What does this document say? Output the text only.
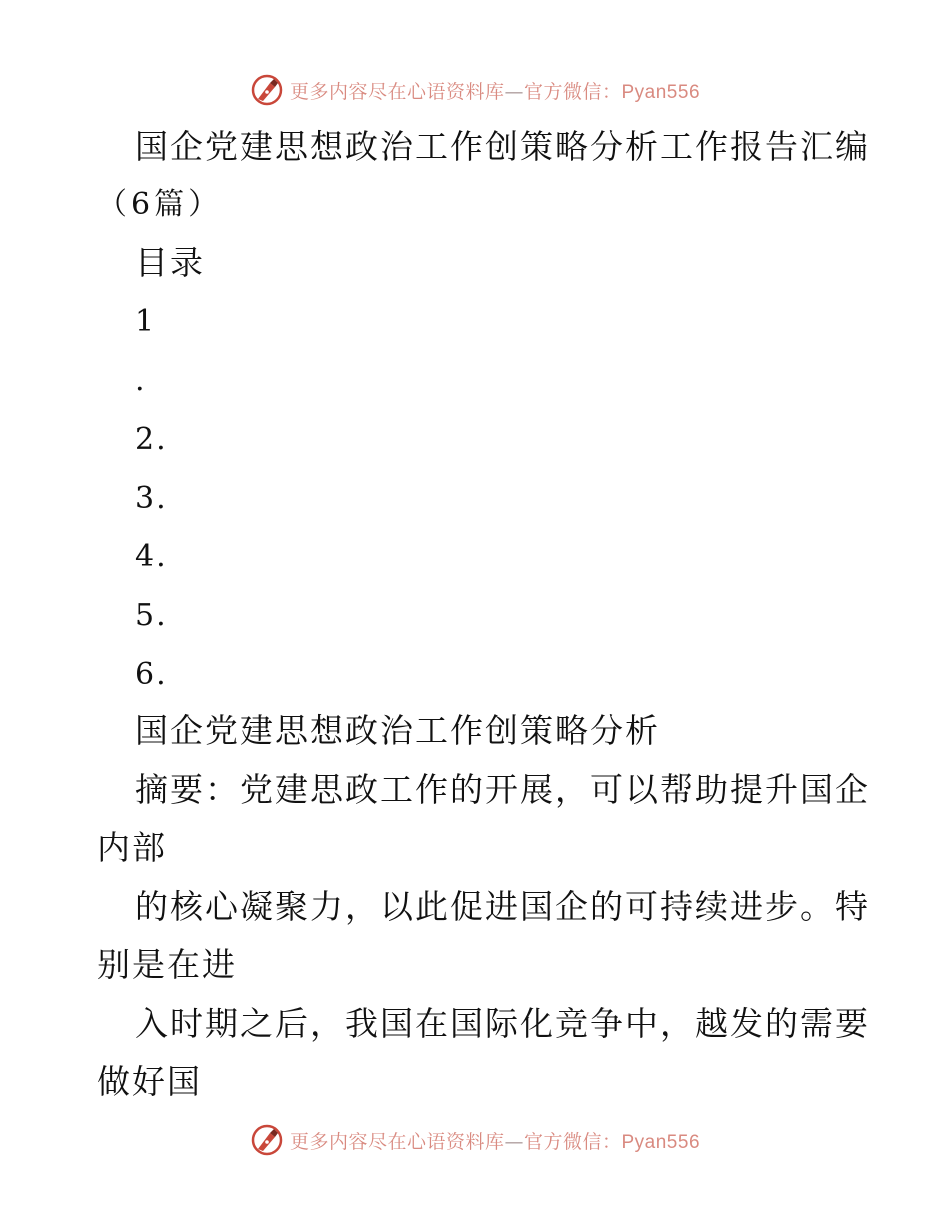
更多内容尽在心语资料库—官方微信：Pyan556
国企党建思想政治工作创策略分析工作报告汇编
（6篇）
目录
1
.
2.
3.
4.
5.
6.
国企党建思想政治工作创策略分析
摘要：党建思政工作的开展，可以帮助提升国企
内部
的核心凝聚力，以此促进国企的可持续进步。特
别是在进
入时期之后，我国在国际化竞争中，越发的需要
做好国
更多内容尽在心语资料库—官方微信：Pyan556
